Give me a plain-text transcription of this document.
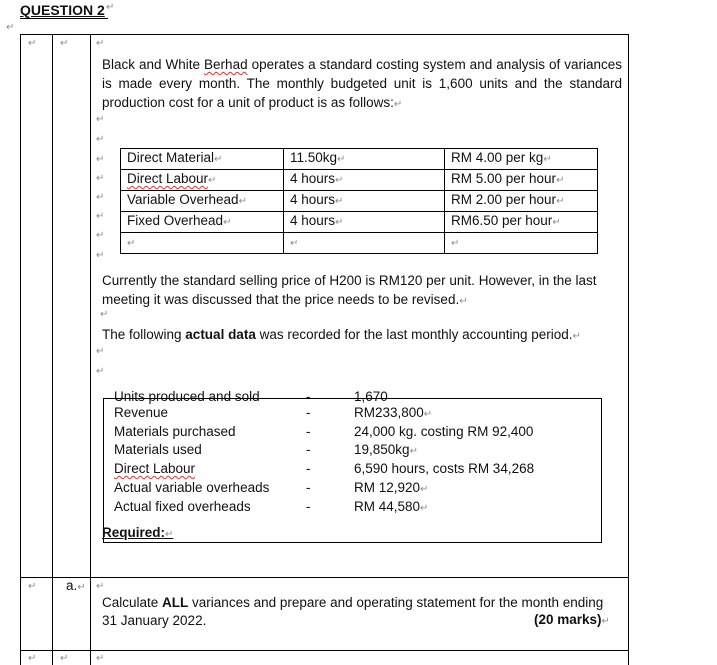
QUESTION 2 ↵
↵
↵ ↵	↵
Black and White Berhad operates a standard costing system and analysis of variances is made every month. The monthly budgeted unit is 1,600 units and the standard production cost for a unit of product is as follows:↵
↵
↵
↵
↵
↵
↵
↵
↵
Direct Material↵	11.50kg↵	RM 4.00 per kg↵
Direct Labour↵	4 hours↵	RM 5.00 per hour↵
Variable Overhead↵	4 hours↵	RM 2.00 per hour↵
Fixed Overhead↵	4 hours↵	RM6.50 per hour↵
↵	↵	↵
Currently the standard selling price of H200 is RM120 per unit. However, in the last meeting it was discussed that the price needs to be revised.↵
↵
The following actual data was recorded for the last monthly accounting period.↵
↵
↵
Units produced and sold	-	1,670
Revenue	-	RM233,800↵
Materials purchased	-	24,000 kg. costing RM 92,400
Materials used	-	19,850kg↵
Direct Labour	-	6,590 hours, costs RM 34,268
Actual variable overheads	-	RM 12,920↵
Actual fixed overheads	-	RM 44,580↵
Required:↵
↵ a.↵ ↵
Calculate ALL variances and prepare and operating statement for the month ending 31 January 2022.	(20 marks)↵
↵ ↵	↵
